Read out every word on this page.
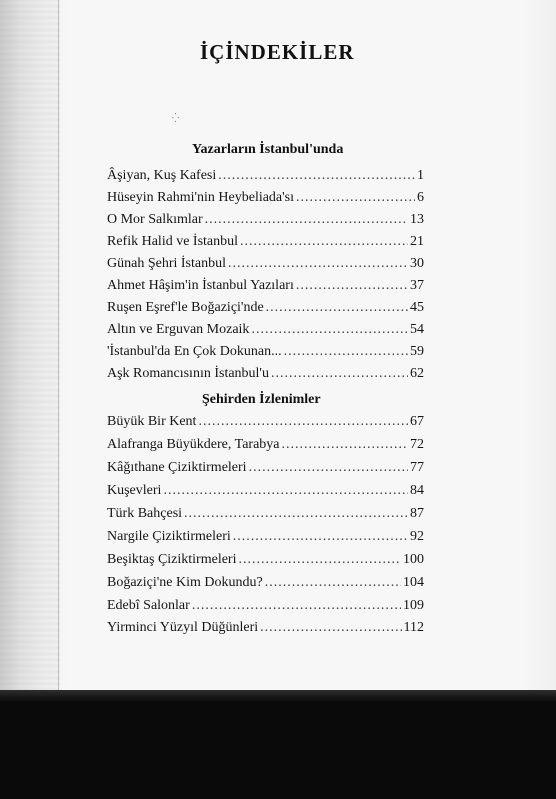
İÇİNDEKİLER
⁛
Yazarların İstanbul'unda
Âşiyan, Kuş Kafesi .....	1
Hüseyin Rahmi'nin Heybeliada'sı .....	6
O Mor Salkımlar .....	13
Refik Halid ve İstanbul .....	21
Günah Şehri İstanbul .....	30
Ahmet Hâşim'in İstanbul Yazıları .....	37
Ruşen Eşref'le Boğaziçi'nde .....	45
Altın ve Erguvan Mozaik .....	54
'İstanbul'da En Çok Dokunan... .....	59
Aşk Romancısının İstanbul'u .....	62
Şehirden İzlenimler
Büyük Bir Kent .....	67
Alafranga Büyükdere, Tarabya .....	72
Kâğıthane Çiziktirmeleri .....	77
Kuşevleri .....	84
Türk Bahçesi .....	87
Nargile Çiziktirmeleri .....	92
Beşiktaş Çiziktirmeleri .....	100
Boğaziçi'ne Kim Dokundu? .....	104
Edebî Salonlar .....	109
Yirminci Yüzyıl Düğünleri .....	112
